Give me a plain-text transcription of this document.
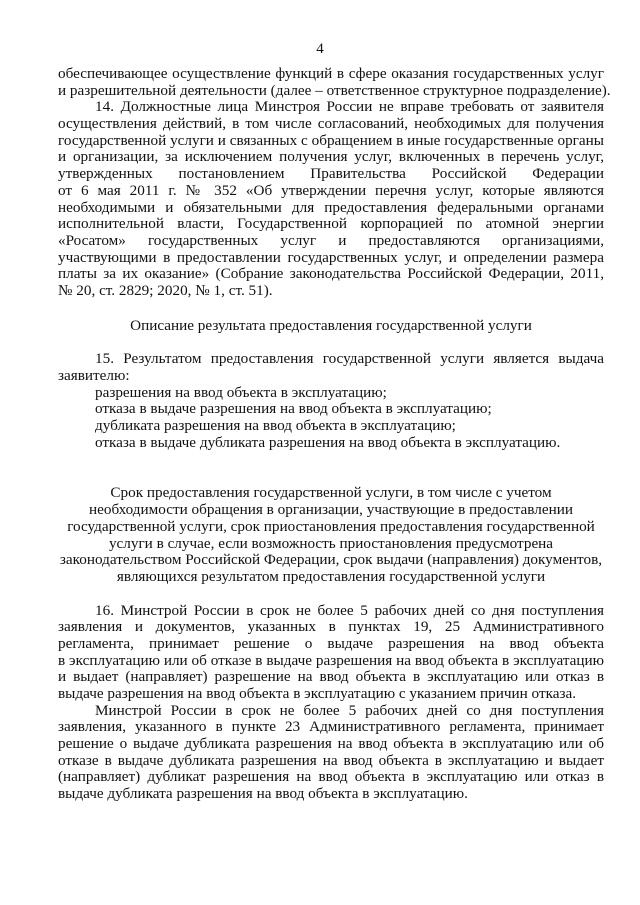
4
обеспечивающее осуществление функций в сфере оказания государственных услуг
и разрешительной деятельности (далее – ответственное структурное подразделение).
14. Должностные лица Минстроя России не вправе требовать от заявителя
осуществления действий, в том числе согласований, необходимых для получения
государственной услуги и связанных с обращением в иные государственные органы
и организации, за исключением получения услуг, включенных в перечень услуг,
утвержденных постановлением Правительства Российской Федерации
от 6 мая 2011 г. № 352 «Об утверждении перечня услуг, которые являются
необходимыми и обязательными для предоставления федеральными органами
исполнительной власти, Государственной корпорацией по атомной энергии
«Росатом» государственных услуг и предоставляются организациями,
участвующими в предоставлении государственных услуг, и определении размера
платы за их оказание» (Собрание законодательства Российской Федерации, 2011,
№ 20, ст. 2829; 2020, № 1, ст. 51).
Описание результата предоставления государственной услуги
15. Результатом предоставления государственной услуги является выдача
заявителю:
разрешения на ввод объекта в эксплуатацию;
отказа в выдаче разрешения на ввод объекта в эксплуатацию;
дубликата разрешения на ввод объекта в эксплуатацию;
отказа в выдаче дубликата разрешения на ввод объекта в эксплуатацию.
Срок предоставления государственной услуги, в том числе с учетом
необходимости обращения в организации, участвующие в предоставлении
государственной услуги, срок приостановления предоставления государственной
услуги в случае, если возможность приостановления предусмотрена
законодательством Российской Федерации, срок выдачи (направления) документов,
являющихся результатом предоставления государственной услуги
16. Минстрой России в срок не более 5 рабочих дней со дня поступления
заявления и документов, указанных в пунктах 19, 25 Административного
регламента, принимает решение о выдаче разрешения на ввод объекта
в эксплуатацию или об отказе в выдаче разрешения на ввод объекта в эксплуатацию
и выдает (направляет) разрешение на ввод объекта в эксплуатацию или отказ в
выдаче разрешения на ввод объекта в эксплуатацию с указанием причин отказа.
Минстрой России в срок не более 5 рабочих дней со дня поступления
заявления, указанного в пункте 23 Административного регламента, принимает
решение о выдаче дубликата разрешения на ввод объекта в эксплуатацию или об
отказе в выдаче дубликата разрешения на ввод объекта в эксплуатацию и выдает
(направляет) дубликат разрешения на ввод объекта в эксплуатацию или отказ в
выдаче дубликата разрешения на ввод объекта в эксплуатацию.
